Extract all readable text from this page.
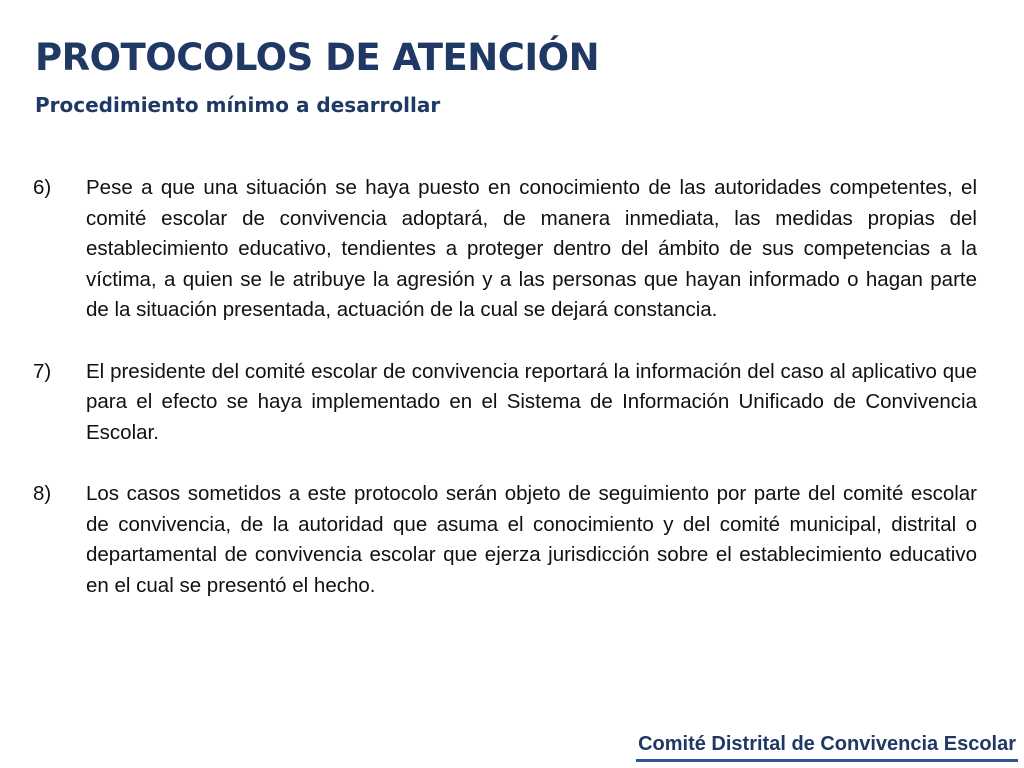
PROTOCOLOS DE ATENCIÓN
Procedimiento mínimo a desarrollar
6)	Pese a que una situación se haya puesto en conocimiento de las autoridades competentes, el comité escolar de convivencia adoptará, de manera inmediata, las medidas propias del establecimiento educativo, tendientes a proteger dentro del ámbito de sus competencias a la víctima, a quien se le atribuye la agresión y a las personas que hayan informado o hagan parte de la situación presentada, actuación de la cual se dejará constancia.
7)	El presidente del comité escolar de convivencia reportará la información del caso al aplicativo que para el efecto se haya implementado en el Sistema de Información Unificado de Convivencia Escolar.
8)	Los casos sometidos a este protocolo serán objeto de seguimiento por parte del comité escolar de convivencia, de la autoridad que asuma el conocimiento y del comité municipal, distrital o departamental de convivencia escolar que ejerza jurisdicción sobre el establecimiento educativo en el cual se presentó el hecho.
Comité Distrital de Convivencia Escolar
